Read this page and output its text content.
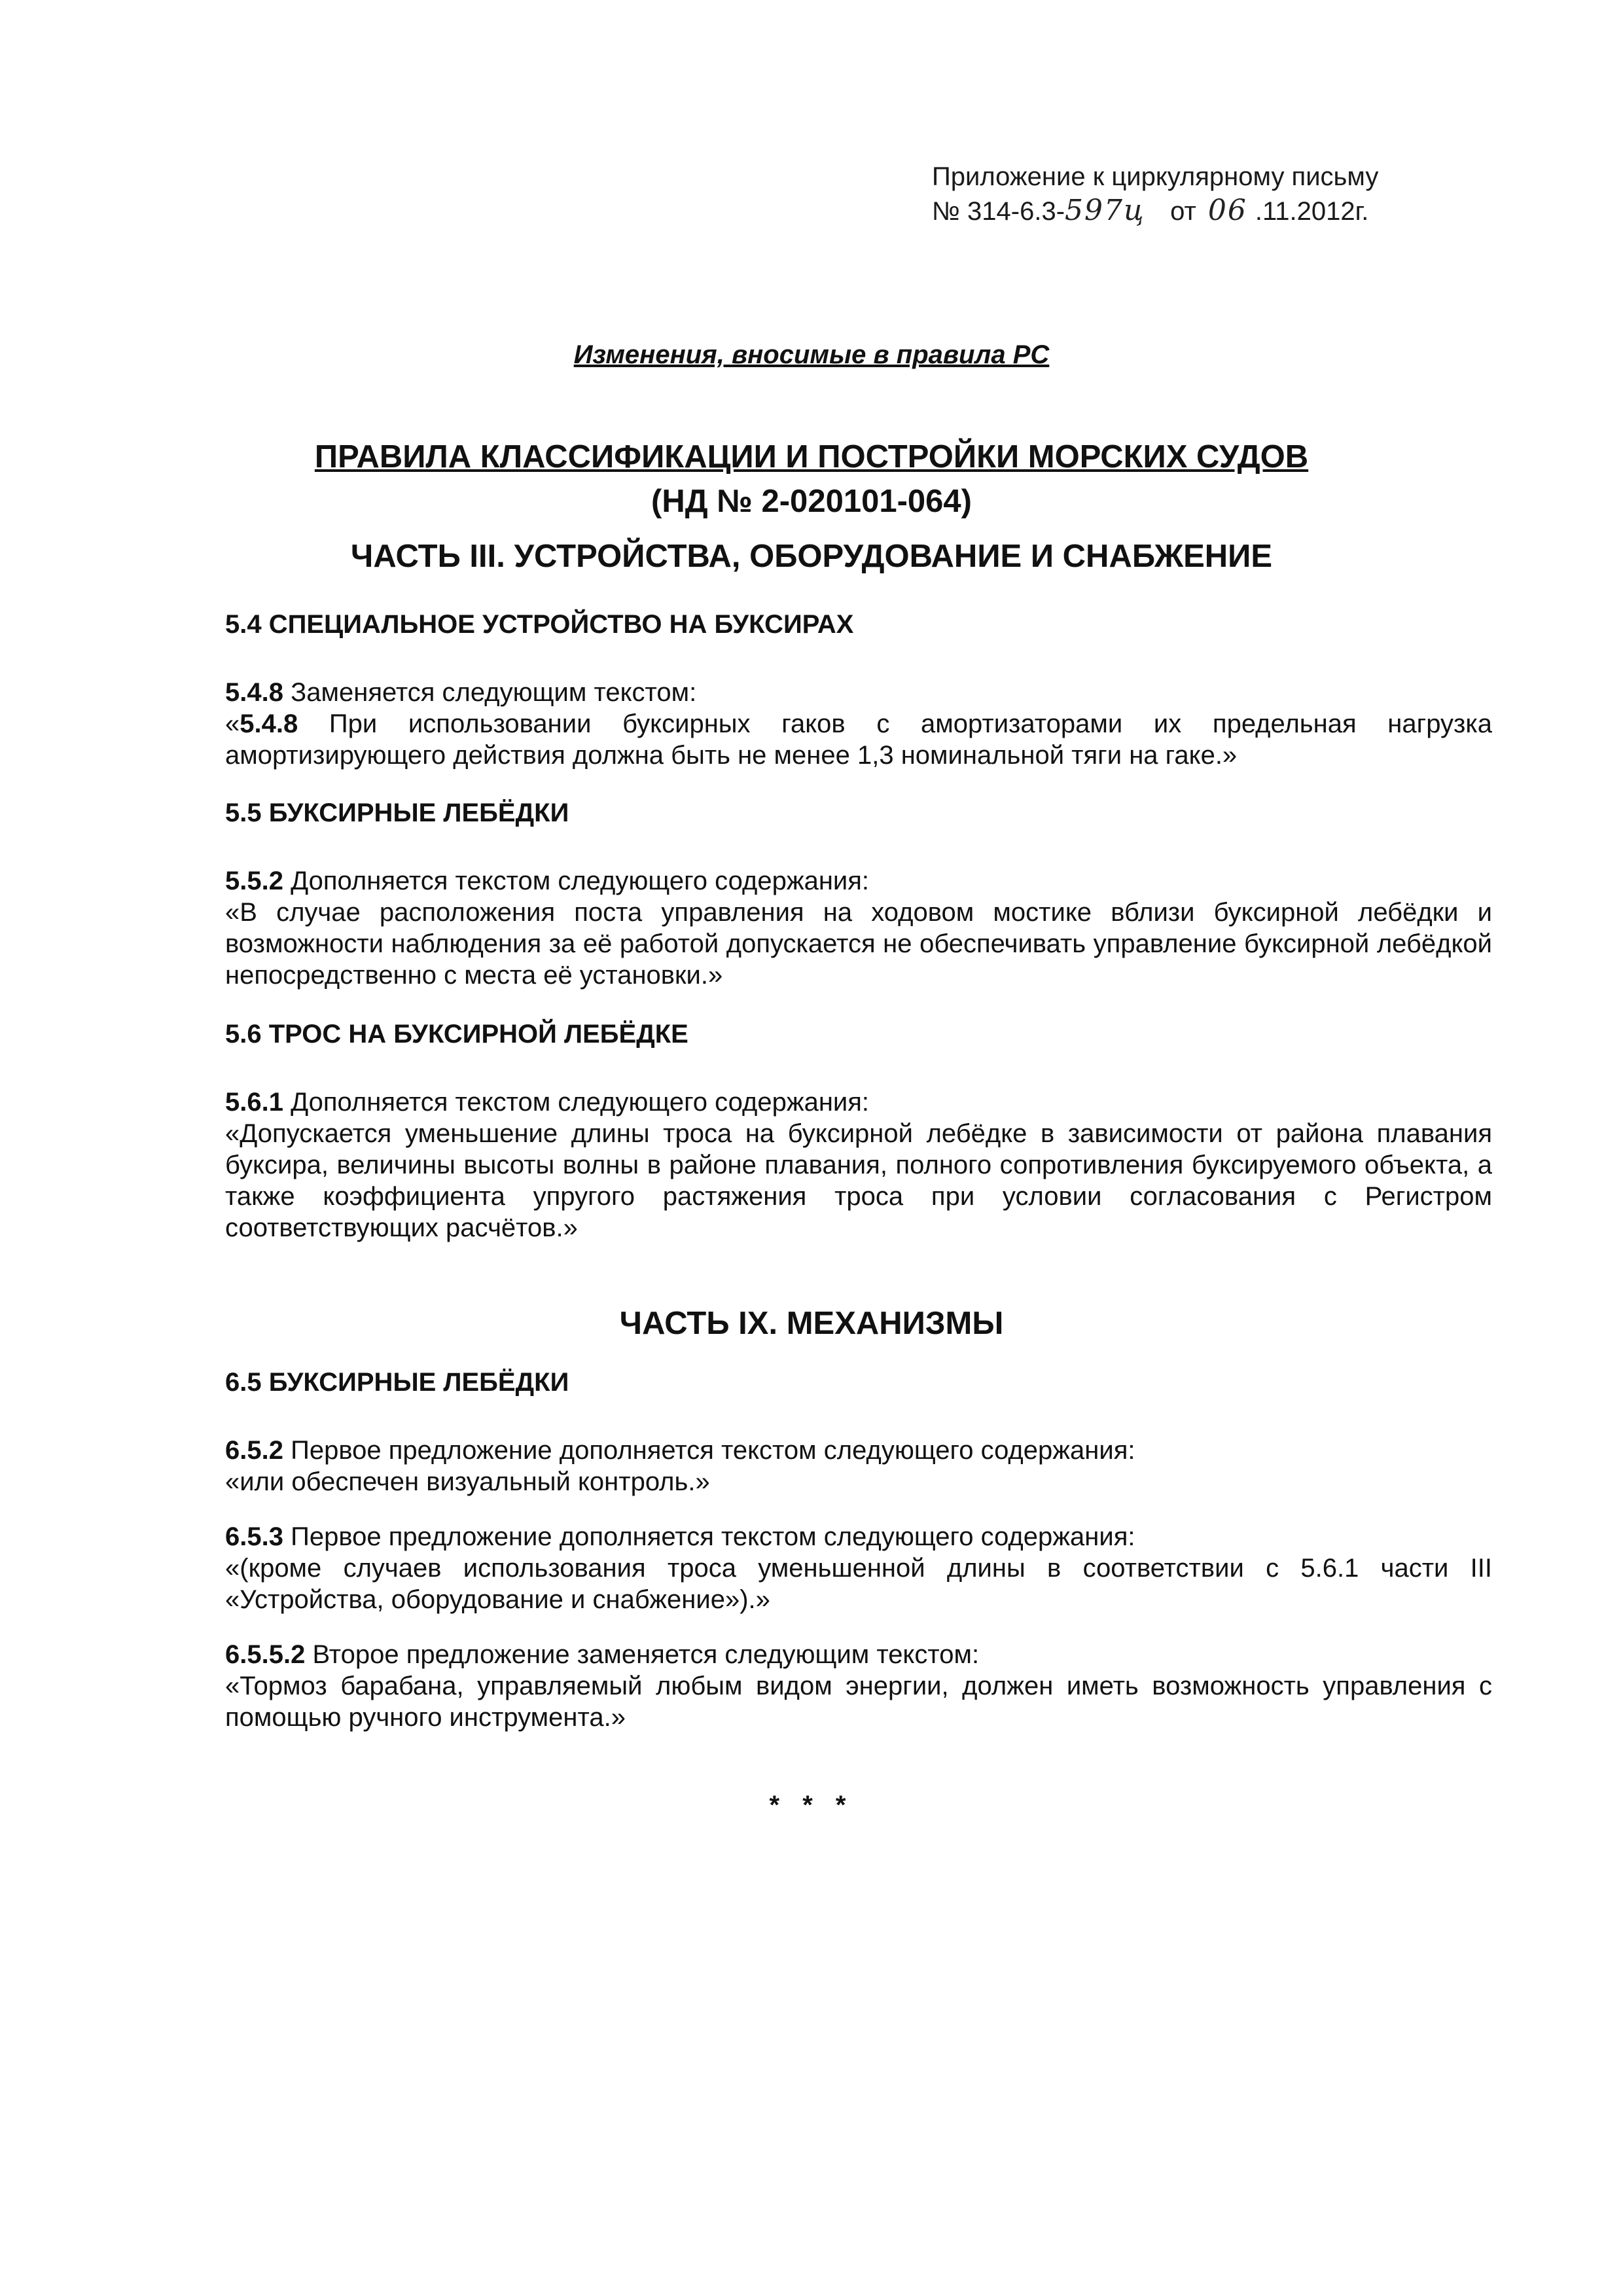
Приложение к циркулярному письму
№ 314-6.3-597ц от 06 .11.2012г.
Изменения, вносимые в правила РС
ПРАВИЛА КЛАССИФИКАЦИИ И ПОСТРОЙКИ МОРСКИХ СУДОВ
(НД № 2-020101-064)
ЧАСТЬ III. УСТРОЙСТВА, ОБОРУДОВАНИЕ И СНАБЖЕНИЕ

5.4 СПЕЦИАЛЬНОЕ УСТРОЙСТВО НА БУКСИРАХ

5.4.8 Заменяется следующим текстом:

«5.4.8 При использовании буксирных гаков с амортизаторами их предельная нагрузка амортизирующего действия должна быть не менее 1,3 номинальной тяги на гаке.»

5.5 БУКСИРНЫЕ ЛЕБЁДКИ

5.5.2 Дополняется текстом следующего содержания:

«В случае расположения поста управления на ходовом мостике вблизи буксирной лебёдки и возможности наблюдения за её работой допускается не обеспечивать управление буксирной лебёдкой непосредственно с места её установки.»

5.6 ТРОС НА БУКСИРНОЙ ЛЕБЁДКЕ

5.6.1 Дополняется текстом следующего содержания:

«Допускается уменьшение длины троса на буксирной лебёдке в зависимости от района плавания буксира, величины высоты волны в районе плавания, полного сопротивления буксируемого объекта, а также коэффициента упругого растяжения троса при условии согласования с Регистром соответствующих расчётов.»

ЧАСТЬ IX. МЕХАНИЗМЫ

6.5 БУКСИРНЫЕ ЛЕБЁДКИ

6.5.2 Первое предложение дополняется текстом следующего содержания:

«или обеспечен визуальный контроль.»

6.5.3 Первое предложение дополняется текстом следующего содержания:

«(кроме случаев использования троса уменьшенной длины в соответствии с 5.6.1 части III «Устройства, оборудование и снабжение»).»

6.5.5.2 Второе предложение заменяется следующим текстом:

«Тормоз барабана, управляемый любым видом энергии, должен иметь возможность управления с помощью ручного инструмента.»

* * *
